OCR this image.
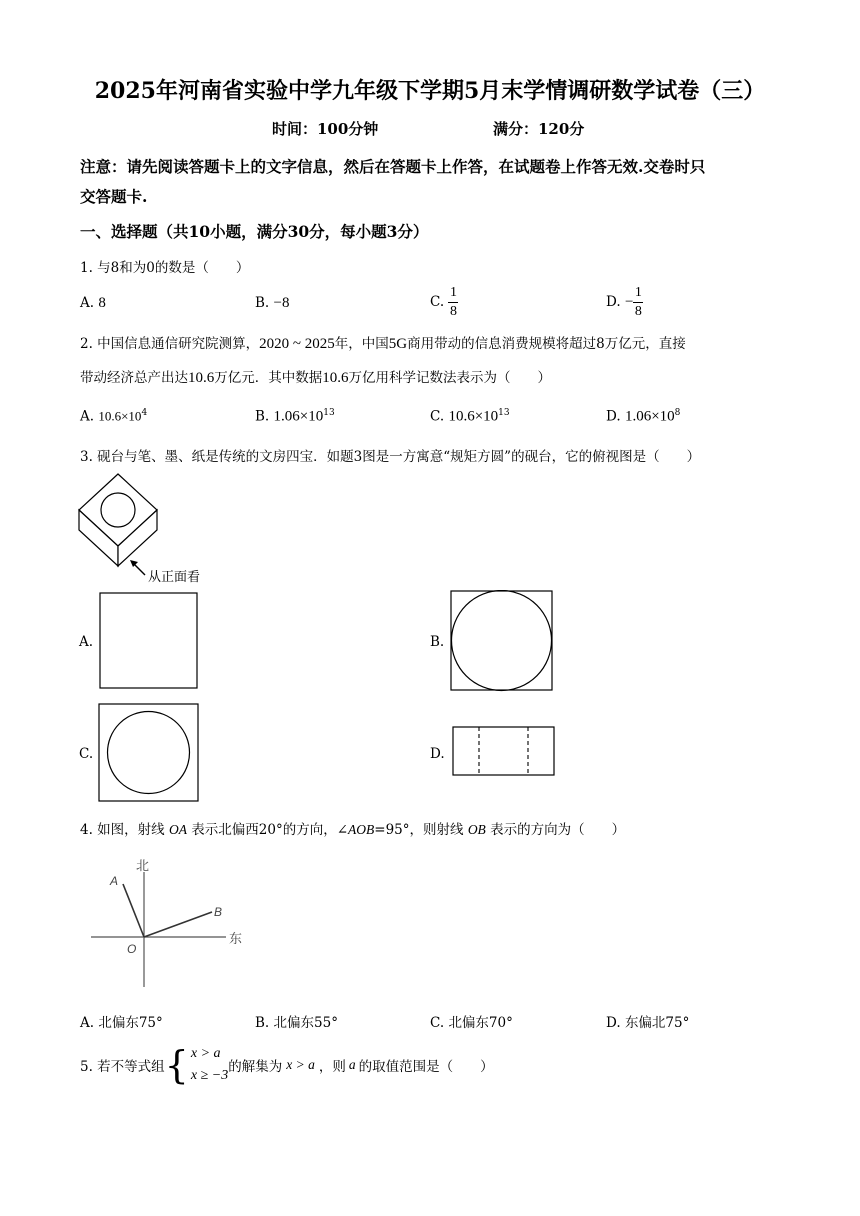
2025年河南省实验中学九年级下学期5月末学情调研数学试卷（三）
时间：100分钟	满分：120分
注意：请先阅读答题卡上的文字信息，然后在答题卡上作答，在试题卷上作答无效.交卷时只
交答题卡.
一、选择题（共10小题，满分30分，每小题3分）
1. 与8和为0的数是（　　）
A. 8	B. −8	C. $\frac{1}{8}$	D. − $\frac{1}{8}$
2. 中国信息通信研究院测算，2020 ~ 2025年，中国5G商用带动的信息消费规模将超过8万亿元，直接
带动经济总产出达10.6万亿元．其中数据10.6万亿用科学记数法表示为（　　）
A. $10.6\times 10^4$	B. $1.06\times 10^{13}$	C. $10.6\times 10^{13}$	D. $1.06\times 10^8$
3. 砚台与笔、墨、纸是传统的文房四宝．如题3图是一方寓意“规矩方圆”的砚台，它的俯视图是（　　）
从正面看
A.	B.
C.	D.
4. 如图，射线 OA 表示北偏西20°的方向，∠AOB=95°，则射线 OB 表示的方向为（　　）
北
东
A
B
O
A. 北偏东75°	B. 北偏东55°	C. 北偏东70°	D. 东偏北75°
5. 若不等式组 { x > a
x ≥ −3
的解集为 x > a ，则 a 的取值范围是（　　）
